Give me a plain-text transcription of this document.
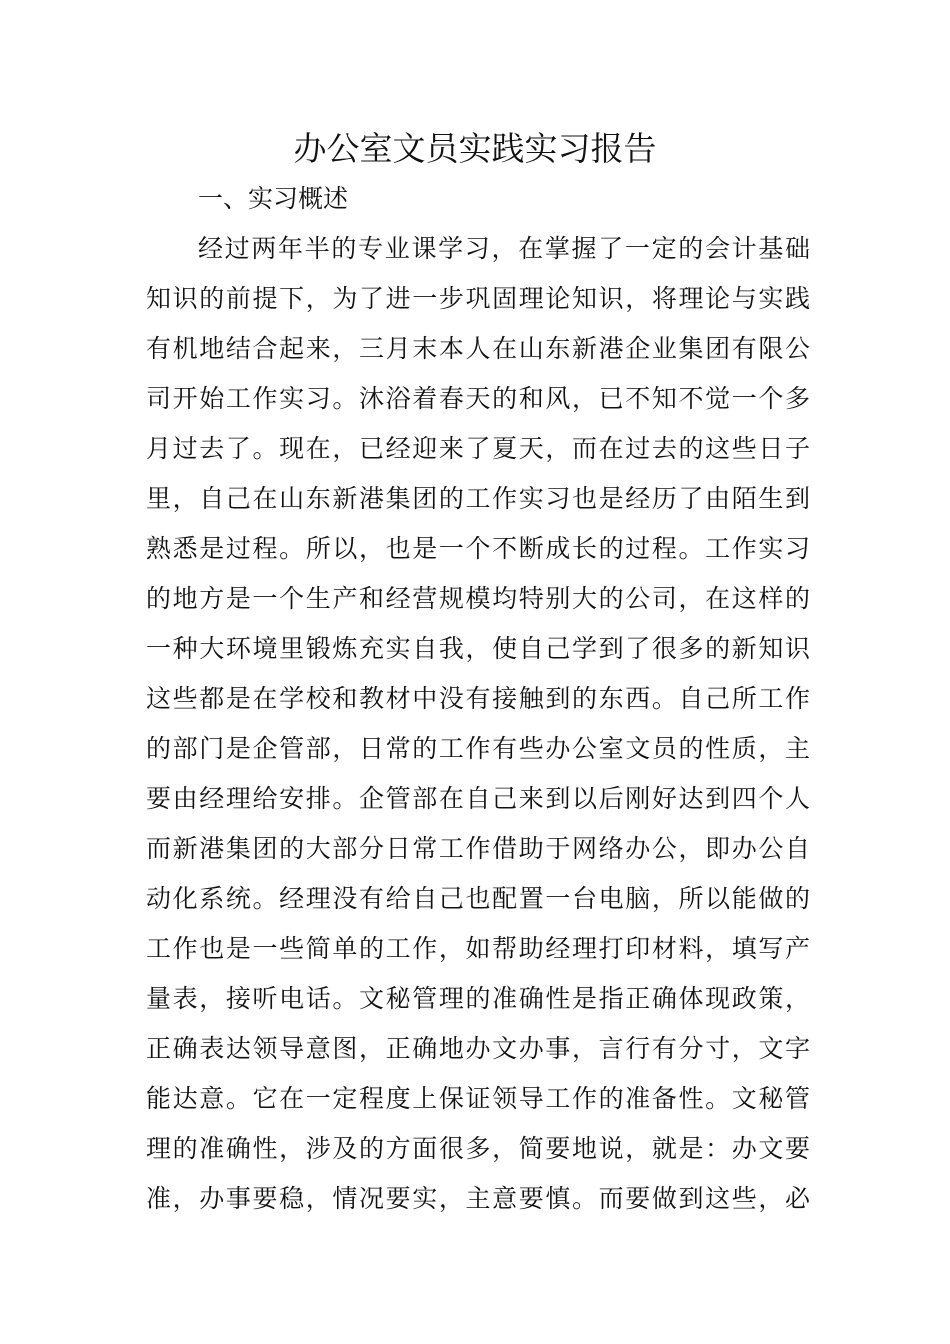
办公室文员实践实习报告

一、实习概述

经过两年半的专业课学习，在掌握了一定的会计基础
知识的前提下，为了进一步巩固理论知识，将理论与实践
有机地结合起来，三月末本人在山东新港企业集团有限公
司开始工作实习。沐浴着春天的和风，已不知不觉一个多
月过去了。现在，已经迎来了夏天，而在过去的这些日子
里，自己在山东新港集团的工作实习也是经历了由陌生到
熟悉是过程。所以，也是一个不断成长的过程。工作实习
的地方是一个生产和经营规模均特别大的公司，在这样的
一种大环境里锻炼充实自我，使自己学到了很多的新知识
这些都是在学校和教材中没有接触到的东西。自己所工作
的部门是企管部，日常的工作有些办公室文员的性质，主
要由经理给安排。企管部在自己来到以后刚好达到四个人
而新港集团的大部分日常工作借助于网络办公，即办公自
动化系统。经理没有给自己也配置一台电脑，所以能做的
工作也是一些简单的工作，如帮助经理打印材料，填写产
量表，接听电话。文秘管理的准确性是指正确体现政策，
正确表达领导意图，正确地办文办事，言行有分寸，文字
能达意。它在一定程度上保证领导工作的准备性。文秘管
理的准确性，涉及的方面很多，简要地说，就是：办文要
准，办事要稳，情况要实，主意要慎。而要做到这些，必
